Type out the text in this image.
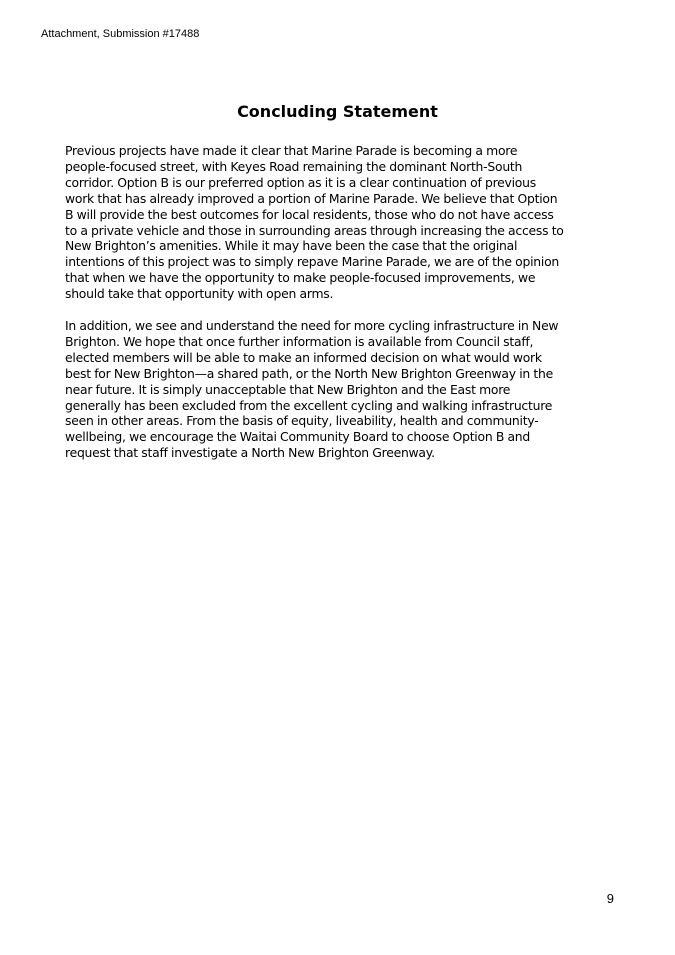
Attachment, Submission #17488
Concluding Statement
Previous projects have made it clear that Marine Parade is becoming a more
people-focused street, with Keyes Road remaining the dominant North-South
corridor. Option B is our preferred option as it is a clear continuation of previous
work that has already improved a portion of Marine Parade. We believe that Option
B will provide the best outcomes for local residents, those who do not have access
to a private vehicle and those in surrounding areas through increasing the access to
New Brighton’s amenities. While it may have been the case that the original
intentions of this project was to simply repave Marine Parade, we are of the opinion
that when we have the opportunity to make people-focused improvements, we
should take that opportunity with open arms.
In addition, we see and understand the need for more cycling infrastructure in New
Brighton. We hope that once further information is available from Council staff,
elected members will be able to make an informed decision on what would work
best for New Brighton—a shared path, or the North New Brighton Greenway in the
near future. It is simply unacceptable that New Brighton and the East more
generally has been excluded from the excellent cycling and walking infrastructure
seen in other areas. From the basis of equity, liveability, health and community-
wellbeing, we encourage the Waitai Community Board to choose Option B and
request that staff investigate a North New Brighton Greenway.
9
